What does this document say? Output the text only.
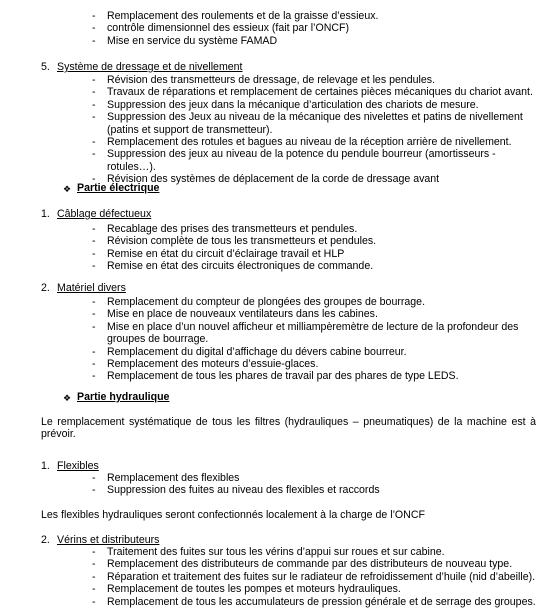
- Remplacement des roulements et de la graisse d’essieux.
- contrôle dimensionnel des essieux (fait par l’ONCF)
- Mise en service du système FAMAD
5. Système de dressage et de nivellement
- Révision des transmetteurs de dressage, de relevage et les pendules.
- Travaux de réparations et remplacement de certaines pièces mécaniques du chariot avant.
- Suppression des jeux dans la mécanique d’articulation des chariots de mesure.
- Suppression des Jeux au niveau de la mécanique des nivelettes et patins de nivellement (patins et support de transmetteur).
- Remplacement des rotules et bagues au niveau de la réception arrière de nivellement.
- Suppression des jeux au niveau de la potence du pendule bourreur (amortisseurs -rotules…).
- Révision des systèmes de déplacement de la corde de dressage avant
❖ Partie électrique
1. Câblage défectueux
- Recablage des prises des transmetteurs et pendules.
- Révision complète de tous les transmetteurs et pendules.
- Remise en état du circuit d’éclairage travail et HLP
- Remise en état des circuits électroniques de commande.
2. Matériel divers
- Remplacement du compteur de plongées des groupes de bourrage.
- Mise en place de nouveaux ventilateurs dans les cabines.
- Mise en place d’un nouvel afficheur et milliampèremètre de lecture de la profondeur des groupes de bourrage.
- Remplacement du digital d’affichage du dévers cabine bourreur.
- Remplacement des moteurs d’essuie-glaces.
- Remplacement de tous les phares de travail par des phares de type LEDS.
❖ Partie hydraulique
Le remplacement systématique de tous les filtres (hydrauliques – pneumatiques) de la machine est à prévoir.
1. Flexibles
- Remplacement des flexibles
- Suppression des fuites au niveau des flexibles et raccords
Les flexibles hydrauliques seront confectionnés localement à la charge de l’ONCF
2. Vérins et distributeurs
- Traitement des fuites sur tous les vérins d’appui sur roues et sur cabine.
- Remplacement des distributeurs de commande par des distributeurs de nouveau type.
- Réparation et traitement des fuites sur le radiateur de refroidissement d’huile (nid d’abeille).
- Remplacement de toutes les pompes et moteurs hydrauliques.
- Remplacement de tous les accumulateurs de pression générale et de serrage des groupes.
